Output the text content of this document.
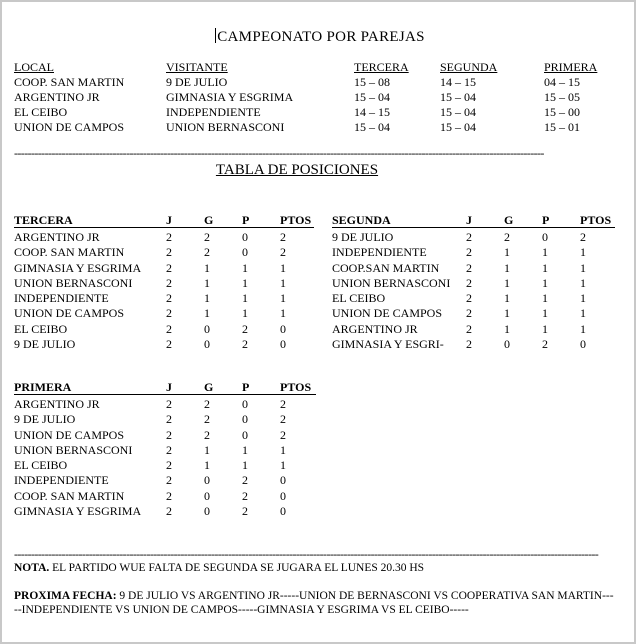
CAMPEONATO POR PAREJAS
LOCAL	VISITANTE	TERCERA	SEGUNDA	PRIMERA
COOP. SAN MARTIN	9 DE JULIO	15 – 08	14 – 15	04 – 15
ARGENTINO JR	GIMNASIA Y ESGRIMA	15 – 04	15 – 04	15 – 05
EL CEIBO	INDEPENDIENTE	14 – 15	15 – 04	15 – 00
UNION DE CAMPOS	UNION BERNASCONI	15 – 04	15 – 04	15 – 01
------------------------------------------------------------------------------------------------------------------------------------------------------------
TABLA DE POSICIONES
TERCERA	J	G P	PTOS
ARGENTINO JR	2	2	0	2
COOP. SAN MARTIN	2	2	0	2
GIMNASIA Y ESGRIMA 2	1	1	1
UNION BERNASCONI	2	1	1	1
INDEPENDIENTE	2	1	1	1
UNION DE CAMPOS	2	1	1	1
EL CEIBO	2	0	2	0
9 DE JULIO	2	0	2	0
SEGUNDA	J	G P	PTOS
9 DE JULIO	2	2	0	2
INDEPENDIENTE	2	1	1	1
COOP.SAN MARTIN 2	1	1	1
UNION BERNASCONI 2	1	1	1
EL CEIBO	2	1	1	1
UNION DE CAMPOS 2	1	1	1
ARGENTINO JR	2	1	1	1
GIMNASIA Y ESGRI- 2	0	2	0
PRIMERA	J	G P	PTOS
ARGENTINO JR	2	2	0	2
9 DE JULIO	2	2	0	2
UNION DE CAMPOS	2	2	0	2
UNION BERNASCONI	2	1	1	1
EL CEIBO	2	1	1	1
INDEPENDIENTE	2	0	2	0
COOP. SAN MARTIN	2	0	2	0
GIMNASIA Y ESGRIMA 2	0	2	0
----------------------------------------------------------------------------------------------------------------------------------------------------------------------------
NOTA. EL PARTIDO WUE FALTA DE SEGUNDA SE JUGARA EL LUNES 20.30 HS
PROXIMA FECHA: 9 DE JULIO VS ARGENTINO JR-----UNION DE BERNASCONI VS COOPERATIVA SAN MARTIN-----INDEPENDIENTE VS UNION DE CAMPOS-----GIMNASIA Y ESGRIMA VS EL CEIBO-----
